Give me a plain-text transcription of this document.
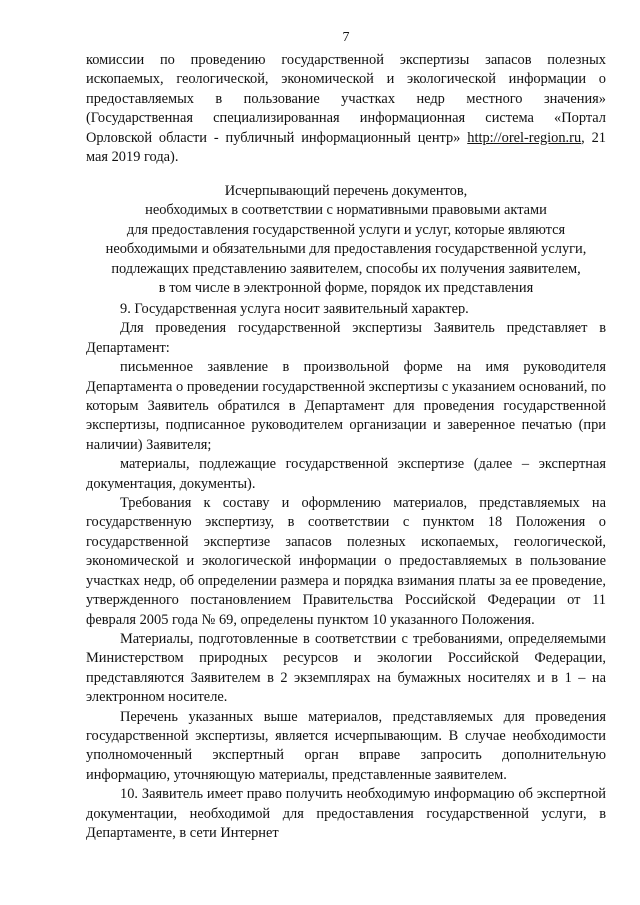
7

комиссии по проведению государственной экспертизы запасов полезных ископаемых, геологической, экономической и экологической информации о предоставляемых в пользование участках недр местного значения» (Государственная специализированная информационная система «Портал Орловской области - публичный информационный центр» http://orel-region.ru, 21 мая 2019 года).

Исчерпывающий перечень документов,
необходимых в соответствии с нормативными правовыми актами
для предоставления государственной услуги и услуг, которые являются
необходимыми и обязательными для предоставления государственной услуги,
подлежащих представлению заявителем, способы их получения заявителем,
в том числе в электронной форме, порядок их представления

9. Государственная услуга носит заявительный характер.

Для проведения государственной экспертизы Заявитель представляет в Департамент:

письменное заявление в произвольной форме на имя руководителя Департамента о проведении государственной экспертизы с указанием оснований, по которым Заявитель обратился в Департамент для проведения государственной экспертизы, подписанное руководителем организации и заверенное печатью (при наличии) Заявителя;

материалы, подлежащие государственной экспертизе (далее – экспертная документация, документы).

Требования к составу и оформлению материалов, представляемых на государственную экспертизу, в соответствии с пунктом 18 Положения о государственной экспертизе запасов полезных ископаемых, геологической, экономической и экологической информации о предоставляемых в пользование участках недр, об определении размера и порядка взимания платы за ее проведение, утвержденного постановлением Правительства Российской Федерации от 11 февраля 2005 года № 69, определены пунктом 10 указанного Положения.

Материалы, подготовленные в соответствии с требованиями, определяемыми Министерством природных ресурсов и экологии Российской Федерации, представляются Заявителем в 2 экземплярах на бумажных носителях и в 1 – на электронном носителе.

Перечень указанных выше материалов, представляемых для проведения государственной экспертизы, является исчерпывающим. В случае необходимости уполномоченный экспертный орган вправе запросить дополнительную информацию, уточняющую материалы, представленные заявителем.

10. Заявитель имеет право получить необходимую информацию об экспертной документации, необходимой для предоставления государственной услуги, в Департаменте, в сети Интернет
